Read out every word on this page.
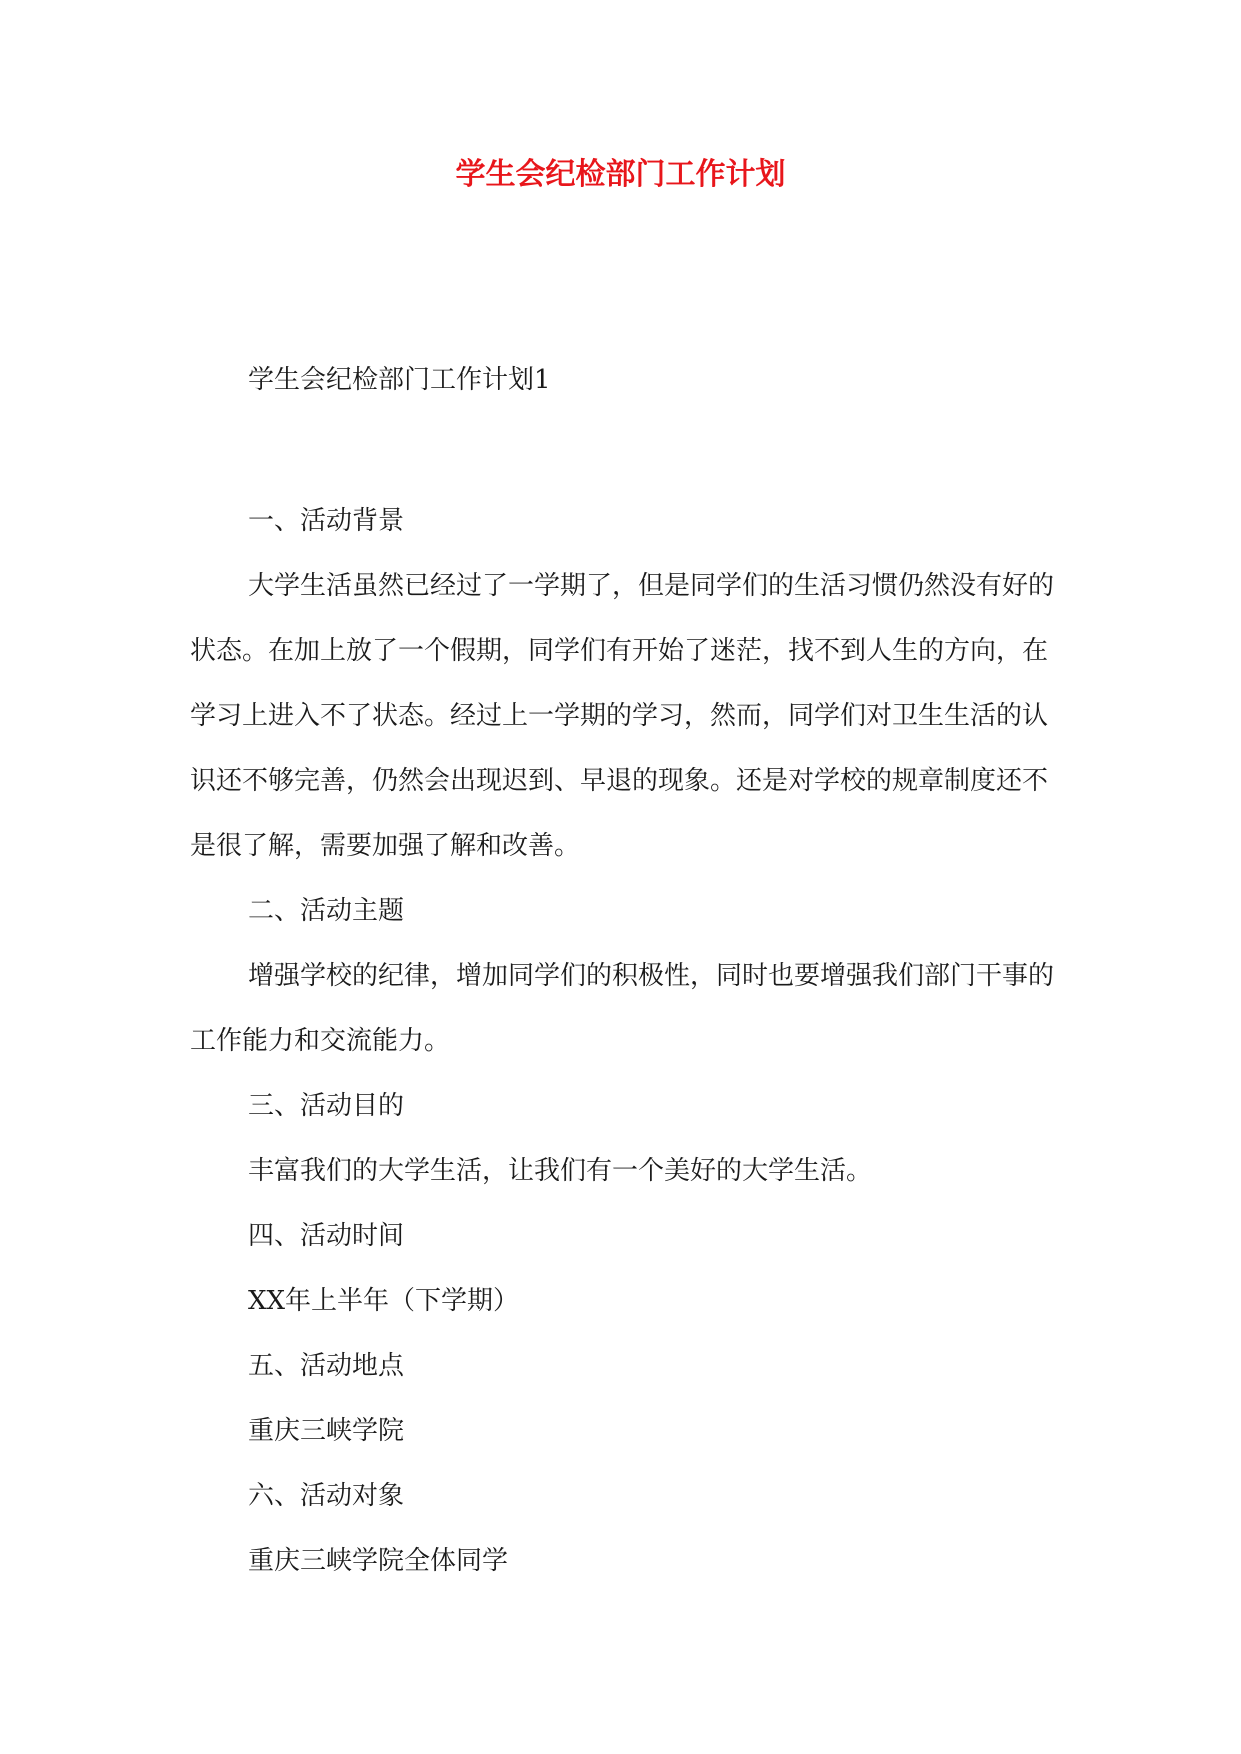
学生会纪检部门工作计划
学生会纪检部门工作计划1

一、活动背景

大学生活虽然已经过了一学期了，但是同学们的生活习惯仍然没有好的状态。在加上放了一个假期，同学们有开始了迷茫，找不到人生的方向，在学习上进入不了状态。经过上一学期的学习，然而，同学们对卫生生活的认识还不够完善，仍然会出现迟到、早退的现象。还是对学校的规章制度还不是很了解，需要加强了解和改善。

二、活动主题

增强学校的纪律，增加同学们的积极性，同时也要增强我们部门干事的工作能力和交流能力。

三、活动目的

丰富我们的大学生活，让我们有一个美好的大学生活。

四、活动时间

XX年上半年（下学期）

五、活动地点

重庆三峡学院

六、活动对象

重庆三峡学院全体同学
